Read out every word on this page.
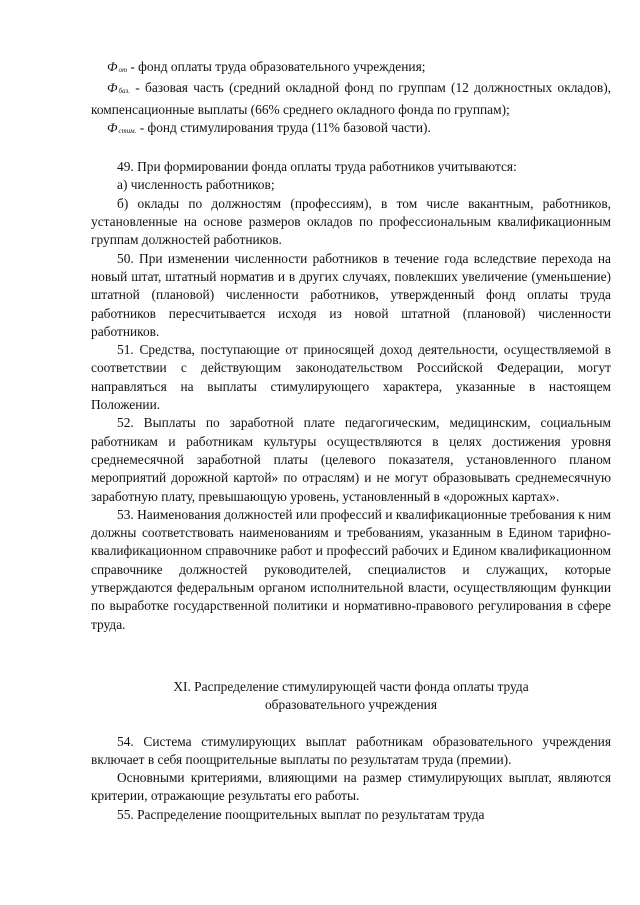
Фот - фонд оплаты труда образовательного учреждения;

Фбаз. - базовая часть (средний окладной фонд по группам (12 должностных окладов), компенсационные выплаты (66% среднего окладного фонда по группам);

Фстим. - фонд стимулирования труда (11% базовой части).

49. При формировании фонда оплаты труда работников учитываются:

а) численность работников;

б) оклады по должностям (профессиям), в том числе вакантным, работников, установленные на основе размеров окладов по профессиональным квалификационным группам должностей работников.

50. При изменении численности работников в течение года вследствие перехода на новый штат, штатный норматив и в других случаях, повлекших увеличение (уменьшение) штатной (плановой) численности работников, утвержденный фонд оплаты труда работников пересчитывается исходя из новой штатной (плановой) численности работников.

51. Средства, поступающие от приносящей доход деятельности, осуществляемой в соответствии с действующим законодательством Российской Федерации, могут направляться на выплаты стимулирующего характера, указанные в настоящем Положении.

52. Выплаты по заработной плате педагогическим, медицинским, социальным работникам и работникам культуры осуществляются в целях достижения уровня среднемесячной заработной платы (целевого показателя, установленного планом мероприятий дорожной картой» по отраслям) и не могут образовывать среднемесячную заработную плату, превышающую уровень, установленный в «дорожных картах».

53. Наименования должностей или профессий и квалификационные требования к ним должны соответствовать наименованиям и требованиям, указанным в Едином тарифно-квалификационном справочнике работ и профессий рабочих и Едином квалификационном справочнике должностей руководителей, специалистов и служащих, которые утверждаются федеральным органом исполнительной власти, осуществляющим функции по выработке государственной политики и нормативно-правового регулирования в сфере труда.

XI. Распределение стимулирующей части фонда оплаты труда

образовательного учреждения

54. Система стимулирующих выплат работникам образовательного учреждения включает в себя поощрительные выплаты по результатам труда (премии).

Основными критериями, влияющими на размер стимулирующих выплат, являются критерии, отражающие результаты его работы.

55. Распределение поощрительных выплат по результатам труда
